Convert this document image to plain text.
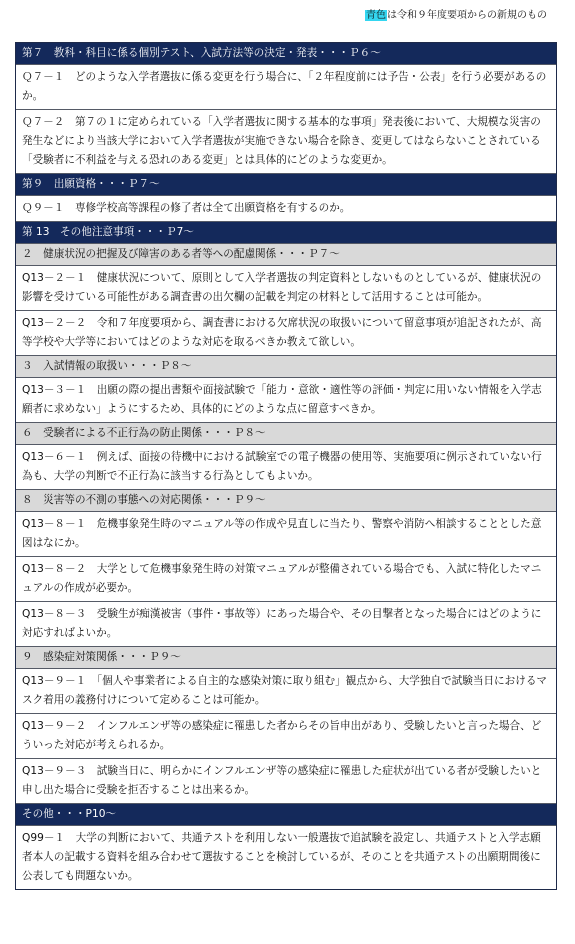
青色は令和９年度要項からの新規のもの
第７　教科・科目に係る個別テスト、入試方法等の決定・発表・・・Ｐ６～
Ｑ７－１　どのような入学者選抜に係る変更を行う場合に、「２年程度前には予告・公表」を行う必要があるのか。
Ｑ７－２　第７の１に定められている「入学者選抜に関する基本的な事項」発表後において、大規模な災害の発生などにより当該大学において入学者選抜が実施できない場合を除き、変更してはならないことされている「受験者に不利益を与える恐れのある変更」とは具体的にどのような変更か。
第９　出願資格・・・Ｐ７～
Ｑ９－１　専修学校高等課程の修了者は全て出願資格を有するのか。
第 13　その他注意事項・・・Ｐ7～
２　健康状況の把握及び障害のある者等への配慮関係・・・Ｐ７～
Q13－２－１　健康状況について、原則として入学者選抜の判定資料としないものとしているが、健康状況の影響を受けている可能性がある調査書の出欠欄の記載を判定の材料として活用することは可能か。
Q13－２－２　令和７年度要項から、調査書における欠席状況の取扱いについて留意事項が追記されたが、高等学校や大学等においてはどのような対応を取るべきか教えて欲しい。
３　入試情報の取扱い・・・Ｐ８～
Q13－３－１　出願の際の提出書類や面接試験で「能力・意欲・適性等の評価・判定に用いない情報を入学志願者に求めない」ようにするため、具体的にどのような点に留意すべきか。
６　受験者による不正行為の防止関係・・・Ｐ８～
Q13－６－１　例えば、面接の待機中における試験室での電子機器の使用等、実施要項に例示されていない行為も、大学の判断で不正行為に該当する行為としてもよいか。
８　災害等の不測の事態への対応関係・・・Ｐ９～
Q13－８－１　危機事象発生時のマニュアル等の作成や見直しに当たり、警察や消防へ相談することとした意図はなにか。
Q13－８－２　大学として危機事象発生時の対策マニュアルが整備されている場合でも、入試に特化したマニュアルの作成が必要か。
Q13－８－３　受験生が痴漢被害（事件・事故等）にあった場合や、その目撃者となった場合にはどのように対応すればよいか。
９　感染症対策関係・・・Ｐ９～
Q13－９－１　「個人や事業者による自主的な感染対策に取り組む」観点から、大学独自で試験当日におけるマスク着用の義務付けについて定めることは可能か。
Q13－９－２　インフルエンザ等の感染症に罹患した者からその旨申出があり、受験したいと言った場合、どういった対応が考えられるか。
Q13－９－３　試験当日に、明らかにインフルエンザ等の感染症に罹患した症状が出ている者が受験したいと申し出た場合に受験を拒否することは出来るか。
その他・・・P10～
Q99－１　大学の判断において、共通テストを利用しない一般選抜で追試験を設定し、共通テストと入学志願者本人の記載する資料を組み合わせて選抜することを検討しているが、そのことを共通テストの出願期間後に公表しても問題ないか。
